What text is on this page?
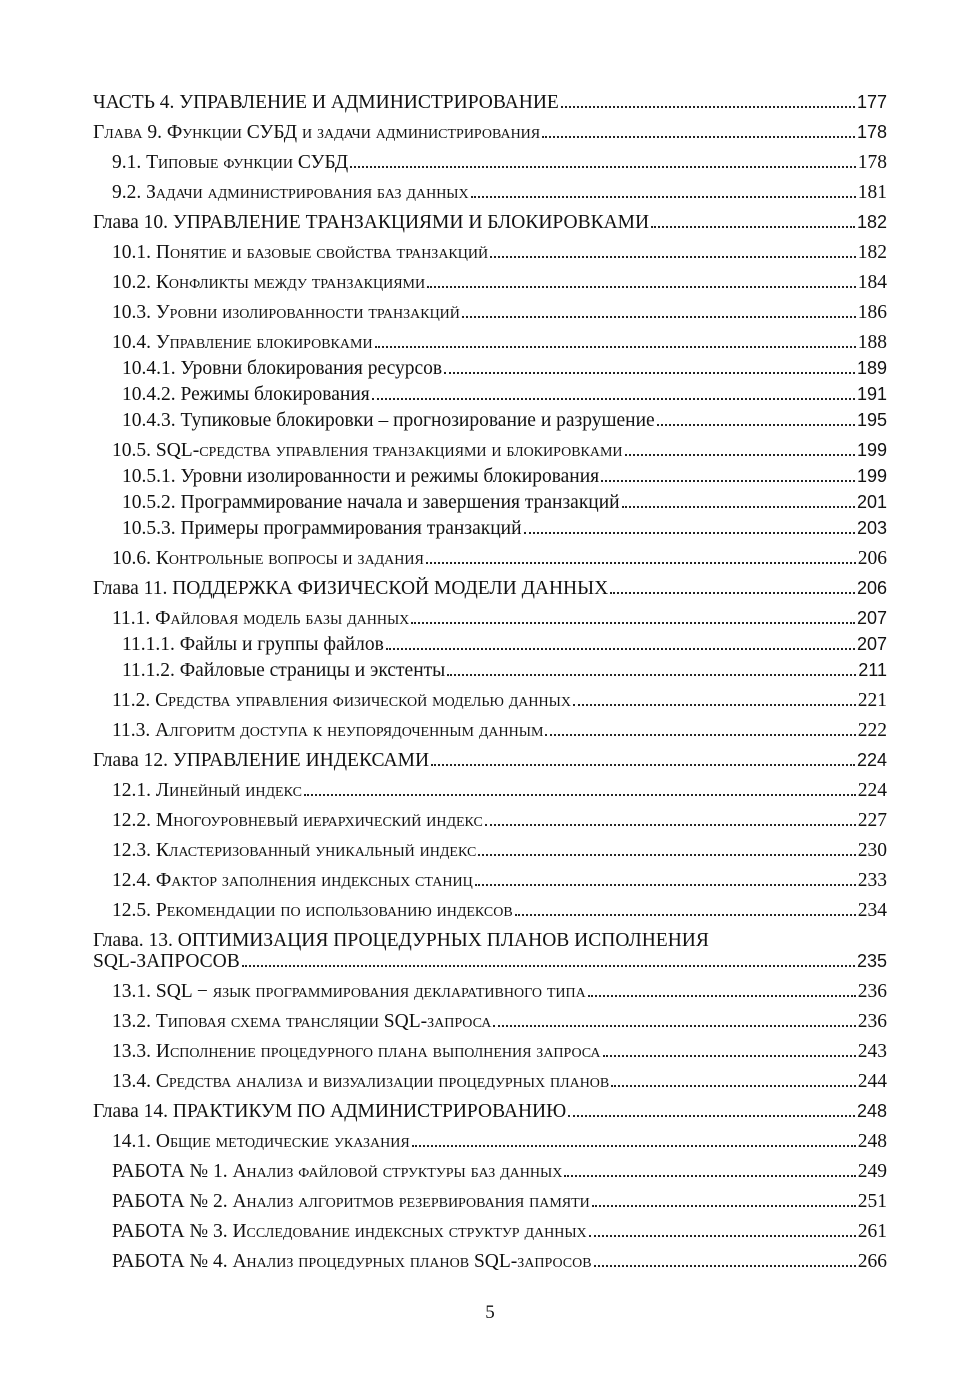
ЧАСТЬ 4. УПРАВЛЕНИЕ И АДМИНИСТРИРОВАНИЕ	177
Глава 9. Функции СУБД и задачи администрирования	178
9.1. Типовые функции СУБД	178
9.2. Задачи администрирования баз данных	181
Глава 10. УПРАВЛЕНИЕ ТРАНЗАКЦИЯМИ И БЛОКИРОВКАМИ	182
10.1. Понятие и базовые свойства транзакций	182
10.2. Конфликты между транзакциями	184
10.3. Уровни изолированности транзакций	186
10.4. Управление блокировками	188
10.4.1. Уровни блокирования ресурсов	189
10.4.2. Режимы блокирования	191
10.4.3. Тупиковые блокировки – прогнозирование и разрушение	195
10.5. SQL-средства управления транзакциями и блокировками	199
10.5.1. Уровни изолированности и режимы блокирования	199
10.5.2. Программирование начала и завершения транзакций	201
10.5.3. Примеры программирования транзакций	203
10.6. Контрольные вопросы и задания	206
Глава 11. ПОДДЕРЖКА ФИЗИЧЕСКОЙ МОДЕЛИ ДАННЫХ	206
11.1. Файловая модель базы данных	207
11.1.1. Файлы и группы файлов	207
11.1.2. Файловые страницы и экстенты	211
11.2. Средства управления физической моделью данных	221
11.3. Алгоритм доступа к неупорядоченным данным	222
Глава 12. УПРАВЛЕНИЕ ИНДЕКСАМИ	224
12.1. Линейный индекс	224
12.2. Многоуровневый иерархический индекс	227
12.3. Кластеризованный уникальный индекс	230
12.4. Фактор заполнения индексных станиц	233
12.5. Рекомендации по использованию индексов	234
Глава. 13. ОПТИМИЗАЦИЯ ПРОЦЕДУРНЫХ ПЛАНОВ ИСПОЛНЕНИЯ
SQL-ЗАПРОСОВ	235
13.1. SQL − язык программирования декларативного типа	236
13.2. Типовая схема трансляции SQL-запроса	236
13.3. Исполнение процедурного плана выполнения запроса	243
13.4. Средства анализа и визуализации процедурных планов	244
Глава 14. ПРАКТИКУМ ПО АДМИНИСТРИРОВАНИЮ	248
14.1. Общие методические указания	248
РАБОТА № 1. Анализ файловой структуры баз данных	249
РАБОТА № 2. Анализ алгоритмов резервирования памяти	251
РАБОТА № 3. Исследование индексных структур данных	261
РАБОТА № 4. Анализ процедурных планов SQL-запросов	266
5
